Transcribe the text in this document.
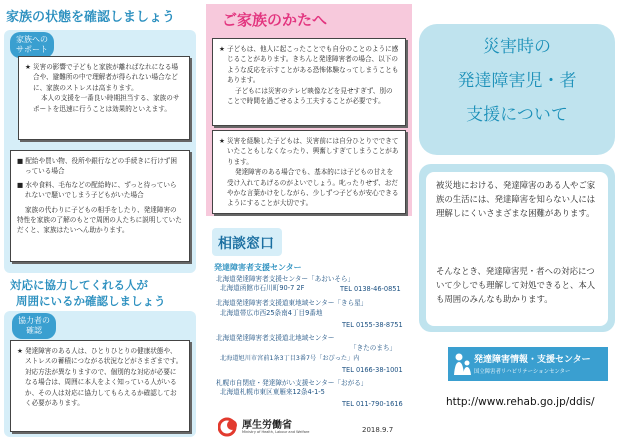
家族の状態を確認しましょう
家族への
サポート

★ 災害の影響で子どもと家族が離ればなれになる場合や、避難所の中で理解者が得られない場合などに、家族のストレスは高まります。

本人の支援を一番良い時期担当する、家族のサポートを迅速に行うことは効果的といえます。

■ 配給や買い物、役所や銀行などの手続きに行けず困っている場合

■ 水や食料、毛布などの配給時に、ずっと待っていられないで騒いでしまう子どもがいた場合

家族の代わりに子どもの相手をしたり、発達障害の特性を家族の了解のもとで周囲の人たちに説明していただくと、家族はたいへん助かります。

対応に協力してくれる人が
周囲にいるか確認しましょう
協力者の
確認

★ 発達障害のある人は、ひとりひとりの健康状態や、ストレスの蓄積につながる状況などがさまざまです。対応方法が異なりますので、個別的な対応が必要になる場合は、周囲に本人をよく知っている人がいるか、その人は対応に協力してもらえるか確認しておく必要があります。

ご家族のかたへ

★ 子どもは、他人に起こったことでも自分のことのように感じることがあります。きちんと発達障害者の場合、以下のような反応を示すことがある恐怖体験なってしまうこともあります。

子どもには災害のテレビ映像などを見せすぎず、別のことで時間を過ごせるよう工夫することが必要です。

★ 災害を経験した子どもは、災害前には自分ひとりでできていたこともしなくなったり、興奮しすぎてしまうことがあります。

発達障害のある場合でも、基本的には子どもの甘えを受け入れてあげるのがよいでしょう。叱ったりせず、おだやかな言葉かけをしながら、少しずつ子どもが安心できるようにすることが大切です。

相談窓口
発達障害者支援センター
北海道発達障害者支援センター「あおいそら」
北海道函館市石川町90-7 2F	TEL 0138-46-0851
北海道発達障害者支援道東地域センター「きら星」
北海道帯広市西25条南4丁目9番地
TEL 0155-38-8751
北海道発達障害者支援道北地域センター
「きたのまち」
北海道旭川市宮前1条3丁目3番7号「おぴった」内
TEL 0166-38-1001
札幌市自閉症・発達障がい支援センター「おがる」
北海道札幌市東区東雁来12条4-1-5
TEL 011-790-1616
厚生労働省
Ministry of Health, Labour and Welfare	2018.9.7
災害時の
発達障害児・者
支援について
被災地における、発達障害のある人やご家族の生活には、発達障害を知らない人には理解しにくいさまざまな困難があります。
そんなとき、発達障害児・者への対応について少しでも理解して対処できると、本人も周囲のみんなも助かります。
発達障害情報・支援センター
国立障害者リハビリテーションセンター
http://www.rehab.go.jp/ddis/
